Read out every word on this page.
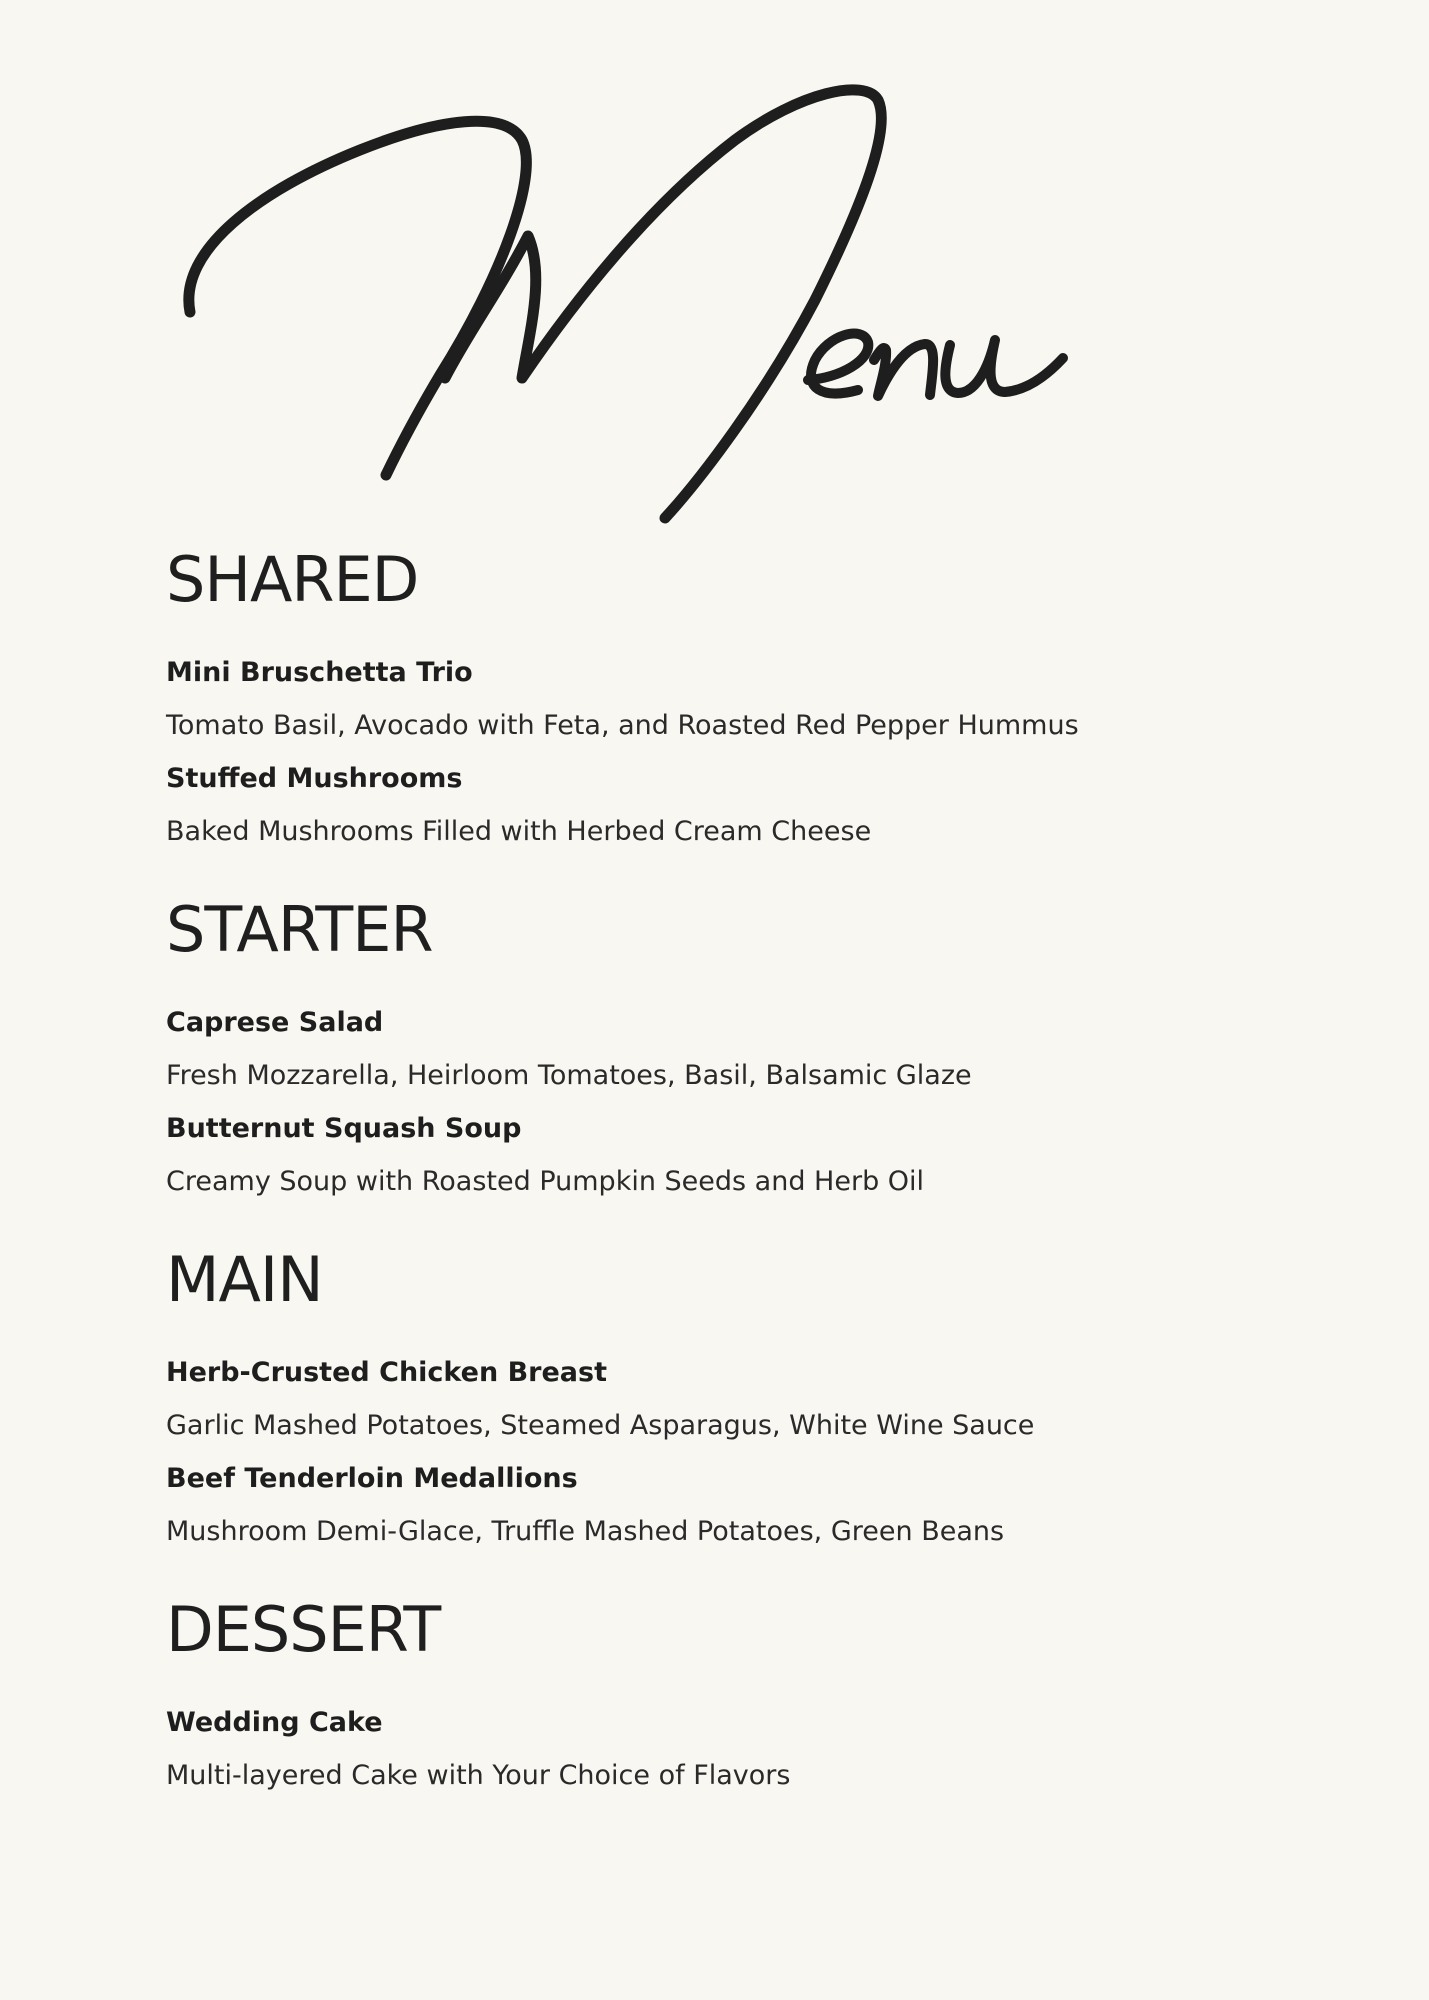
SHARED

Mini Bruschetta Trio

Tomato Basil, Avocado with Feta, and Roasted Red Pepper Hummus

Stuffed Mushrooms

Baked Mushrooms Filled with Herbed Cream Cheese

STARTER

Caprese Salad

Fresh Mozzarella, Heirloom Tomatoes, Basil, Balsamic Glaze

Butternut Squash Soup

Creamy Soup with Roasted Pumpkin Seeds and Herb Oil

MAIN

Herb-Crusted Chicken Breast

Garlic Mashed Potatoes, Steamed Asparagus, White Wine Sauce

Beef Tenderloin Medallions

Mushroom Demi-Glace, Truffle Mashed Potatoes, Green Beans

DESSERT

Wedding Cake

Multi-layered Cake with Your Choice of Flavors
